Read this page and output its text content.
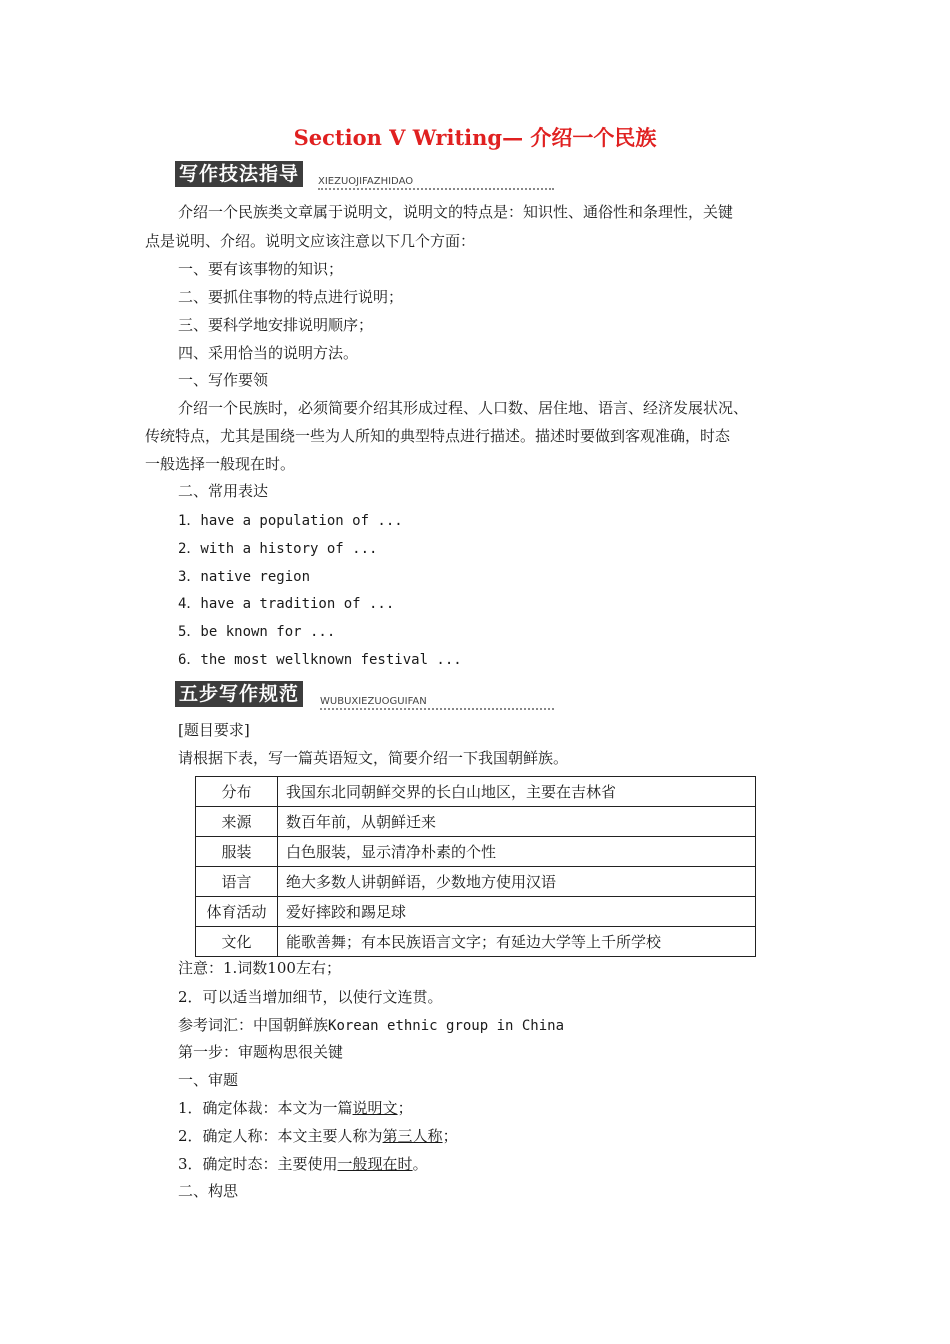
Section Ⅴ Writing— 介绍一个民族
写作技法指导	XIEZUOJIFAZHIDAO
介绍一个民族类文章属于说明文，说明文的特点是：知识性、通俗性和条理性，关键
点是说明、介绍。说明文应该注意以下几个方面：
一、要有该事物的知识；
二、要抓住事物的特点进行说明；
三、要科学地安排说明顺序；
四、采用恰当的说明方法。
一、写作要领
介绍一个民族时，必须简要介绍其形成过程、人口数、居住地、语言、经济发展状况、
传统特点，尤其是围绕一些为人所知的典型特点进行描述。描述时要做到客观准确，时态
一般选择一般现在时。
二、常用表达
1．have a population of ...
2．with a history of ...
3．native region
4．have a tradition of ...
5．be known for ...
6．the most wellknown festival ...
五步写作规范	WUBUXIEZUOGUIFAN
[题目要求]
请根据下表，写一篇英语短文，简要介绍一下我国朝鲜族。
分布	我国东北同朝鲜交界的长白山地区，主要在吉林省
来源	数百年前，从朝鲜迁来
服装	白色服装，显示清净朴素的个性
语言	绝大多数人讲朝鲜语，少数地方使用汉语
体育活动	爱好摔跤和踢足球
文化	能歌善舞；有本民族语言文字；有延边大学等上千所学校
注意：1.词数100左右；
2．可以适当增加细节，以使行文连贯。
参考词汇：中国朝鲜族Korean ethnic group in China
第一步：审题构思很关键
一、审题
1．确定体裁：本文为一篇说明文；
2．确定人称：本文主要人称为第三人称；
3．确定时态：主要使用一般现在时。
二、构思
